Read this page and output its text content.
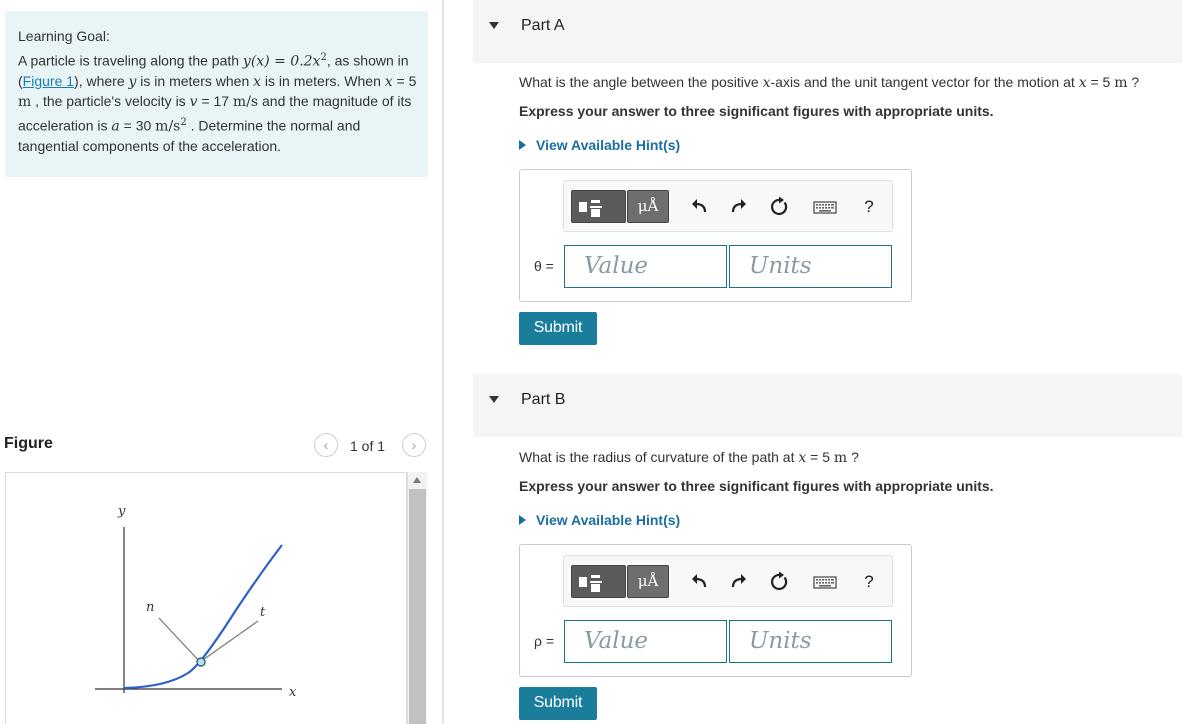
Learning Goal:
A particle is traveling along the path $y(x) = 0.2x^2$, as shown in (Figure 1), where y is in meters when x is in meters. When x = 5 m , the particle's velocity is v = 17 m/s and the magnitude of its acceleration is a = 30 $m/s^2$ . Determine the normal and tangential components of the acceleration.
Figure	‹	1 of 1	›
y
x
n	t
Part A
What is the angle between the positive x-axis and the unit tangent vector for the motion at x = 5 m ?
Express your answer to three significant figures with appropriate units.
View Available Hint(s)
μÅ	?
θ =	Value	Units
Submit
Part B
What is the radius of curvature of the path at x = 5 m ?
Express your answer to three significant figures with appropriate units.
View Available Hint(s)
μÅ	?
ρ =	Value	Units
Submit
